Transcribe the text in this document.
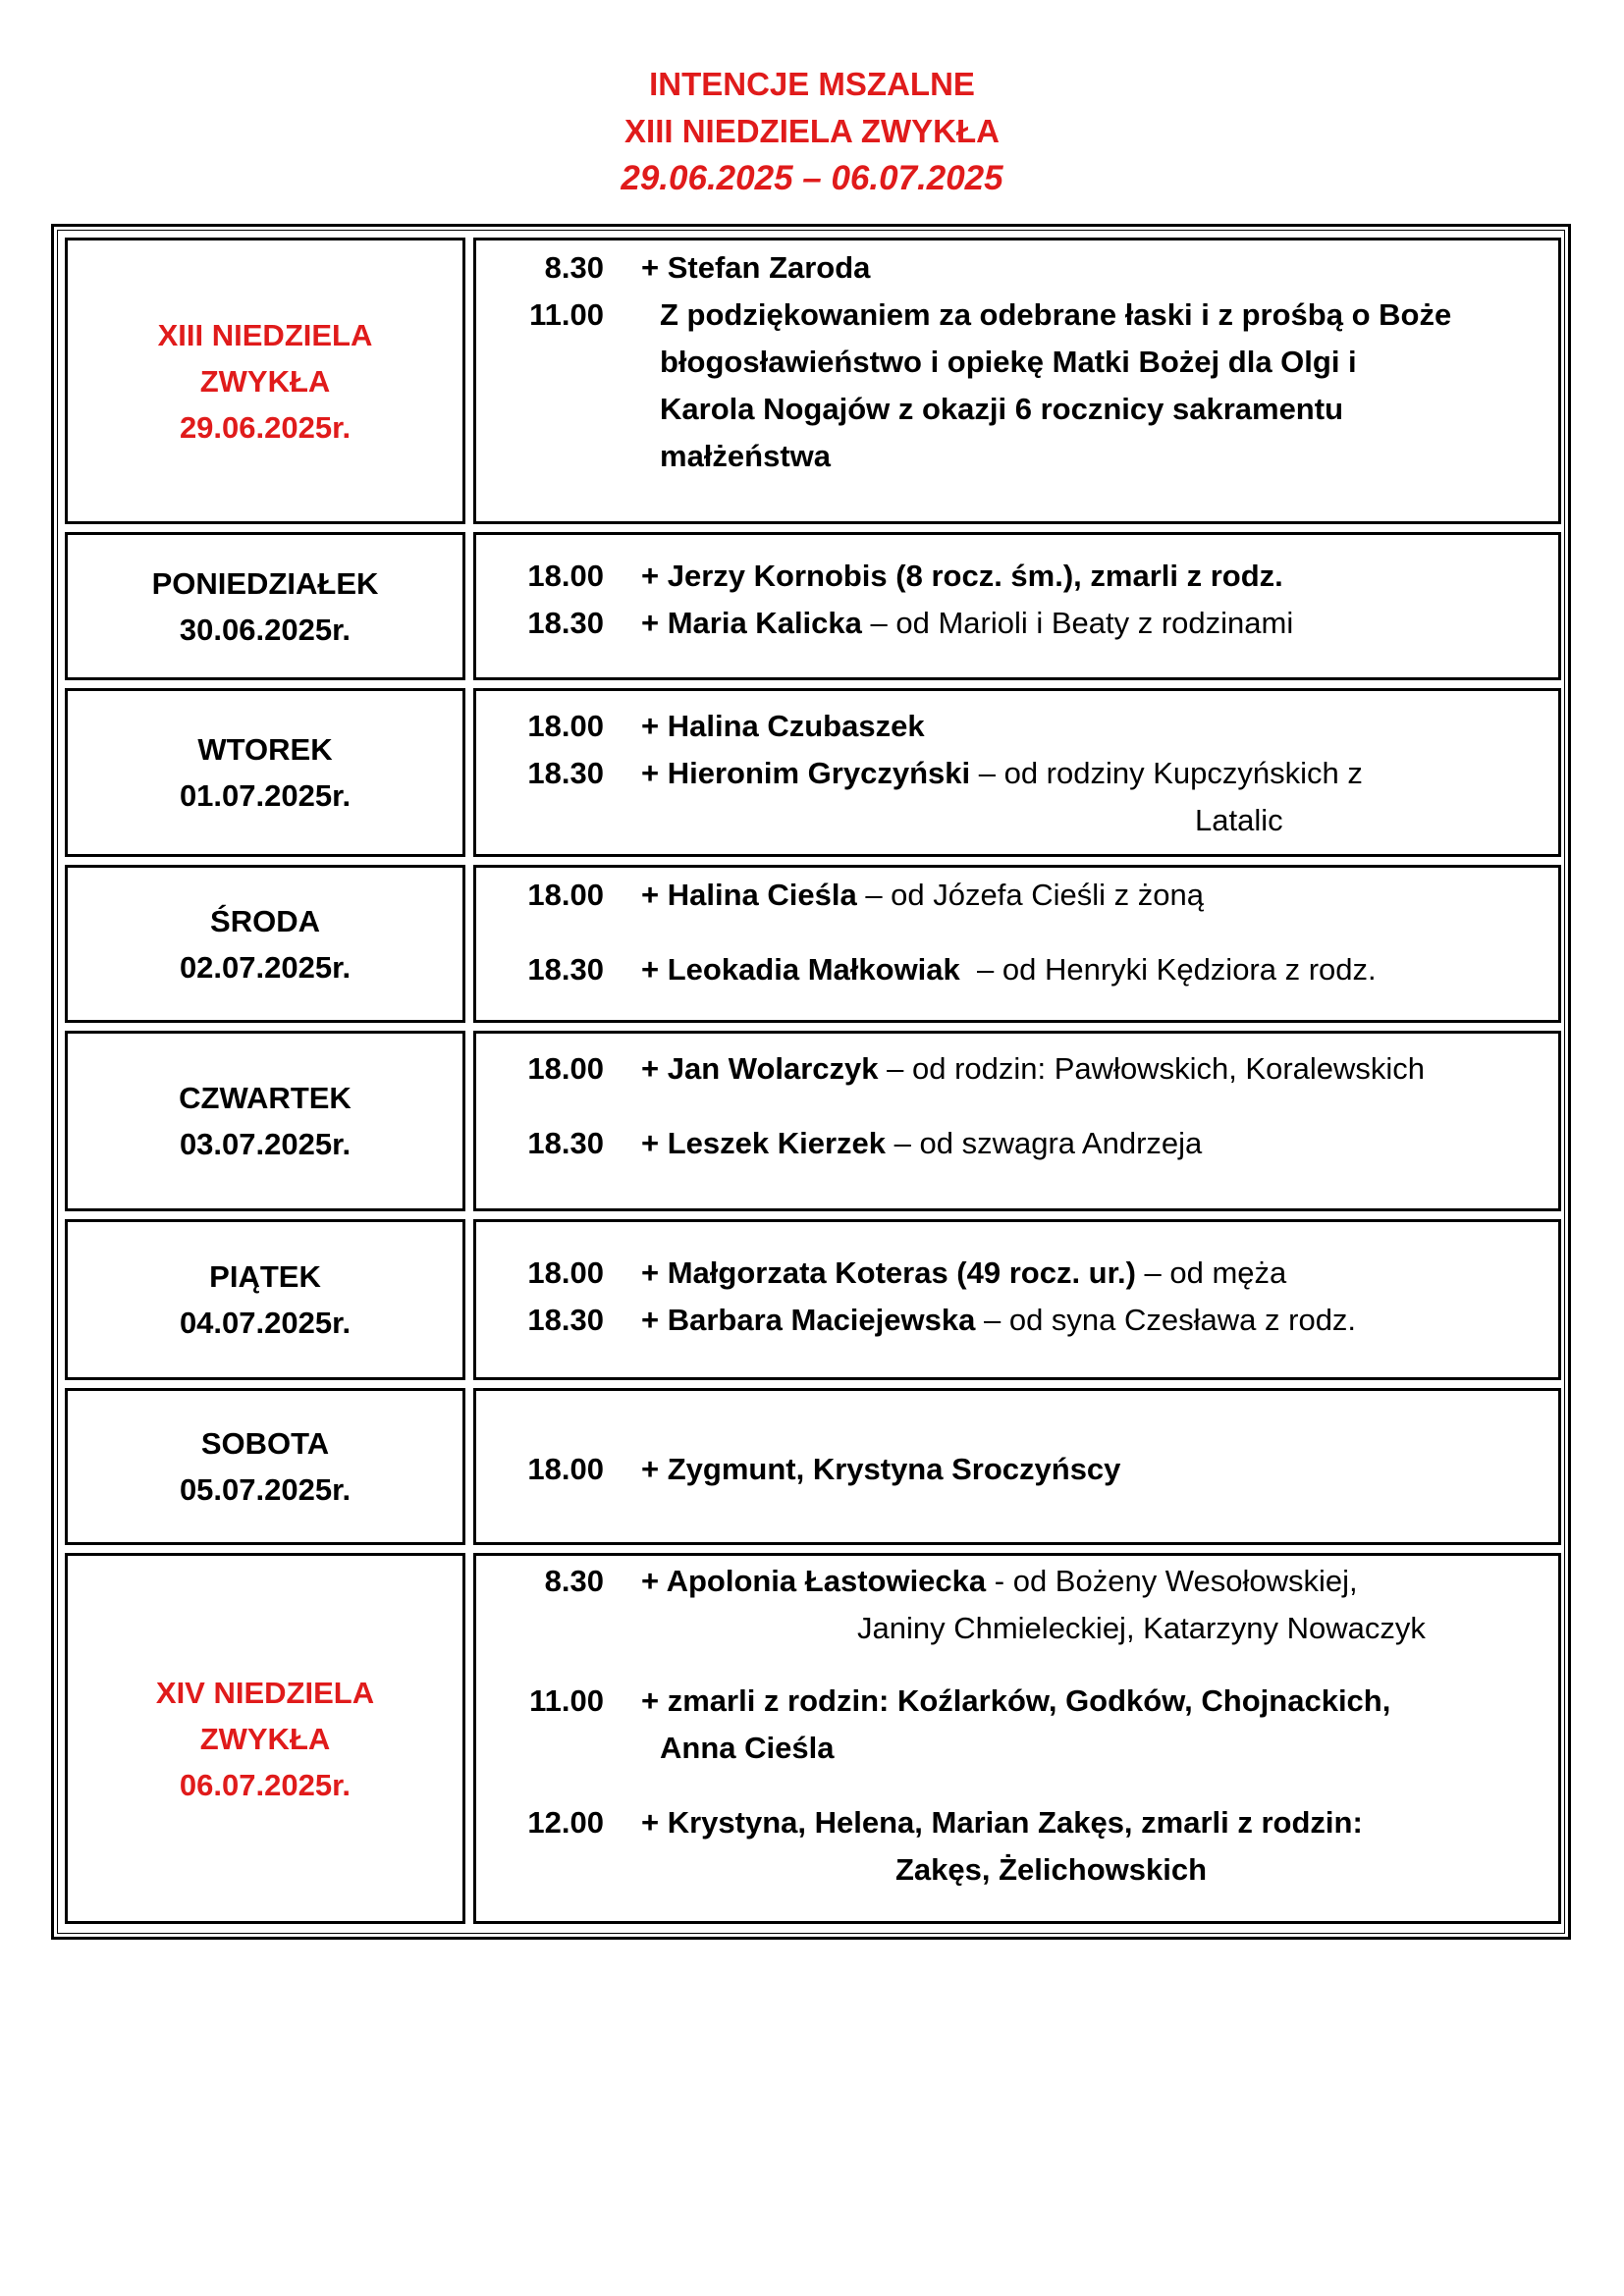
INTENCJE MSZALNE
XIII NIEDZIELA ZWYKŁA
29.06.2025 – 06.07.2025
XIII NIEDZIELA
ZWYKŁA
29.06.2025r.
8.30 + Stefan Zaroda
11.00 Z podziękowaniem za odebrane łaski i z prośbą o Boże
błogosławieństwo i opiekę Matki Bożej dla Olgi i
Karola Nogajów z okazji 6 rocznicy sakramentu
małżeństwa
PONIEDZIAŁEK
30.06.2025r.
18.00 + Jerzy Kornobis (8 rocz. śm.), zmarli z rodz.
18.30 + Maria Kalicka – od Marioli i Beaty z rodzinami
WTOREK
01.07.2025r.
18.00 + Halina Czubaszek
18.30 + Hieronim Gryczyński – od rodziny Kupczyńskich z
Latalic
ŚRODA
02.07.2025r.
18.00 + Halina Cieśla – od Józefa Cieśli z żoną
18.30 + Leokadia Małkowiak  – od Henryki Kędziora z rodz.
CZWARTEK
03.07.2025r.
18.00 + Jan Wolarczyk – od rodzin: Pawłowskich, Koralewskich
18.30 + Leszek Kierzek – od szwagra Andrzeja
PIĄTEK
04.07.2025r.
18.00 + Małgorzata Koteras (49 rocz. ur.) – od męża
18.30 + Barbara Maciejewska – od syna Czesława z rodz.
SOBOTA
05.07.2025r.
18.00 + Zygmunt, Krystyna Sroczyńscy
XIV NIEDZIELA
ZWYKŁA
06.07.2025r.
8.30 + Apolonia Łastowiecka - od Bożeny Wesołowskiej,
Janiny Chmieleckiej, Katarzyny Nowaczyk
11.00 + zmarli z rodzin: Koźlarków, Godków, Chojnackich,
Anna Cieśla
12.00 + Krystyna, Helena, Marian Zakęs, zmarli z rodzin:
Zakęs, Żelichowskich
